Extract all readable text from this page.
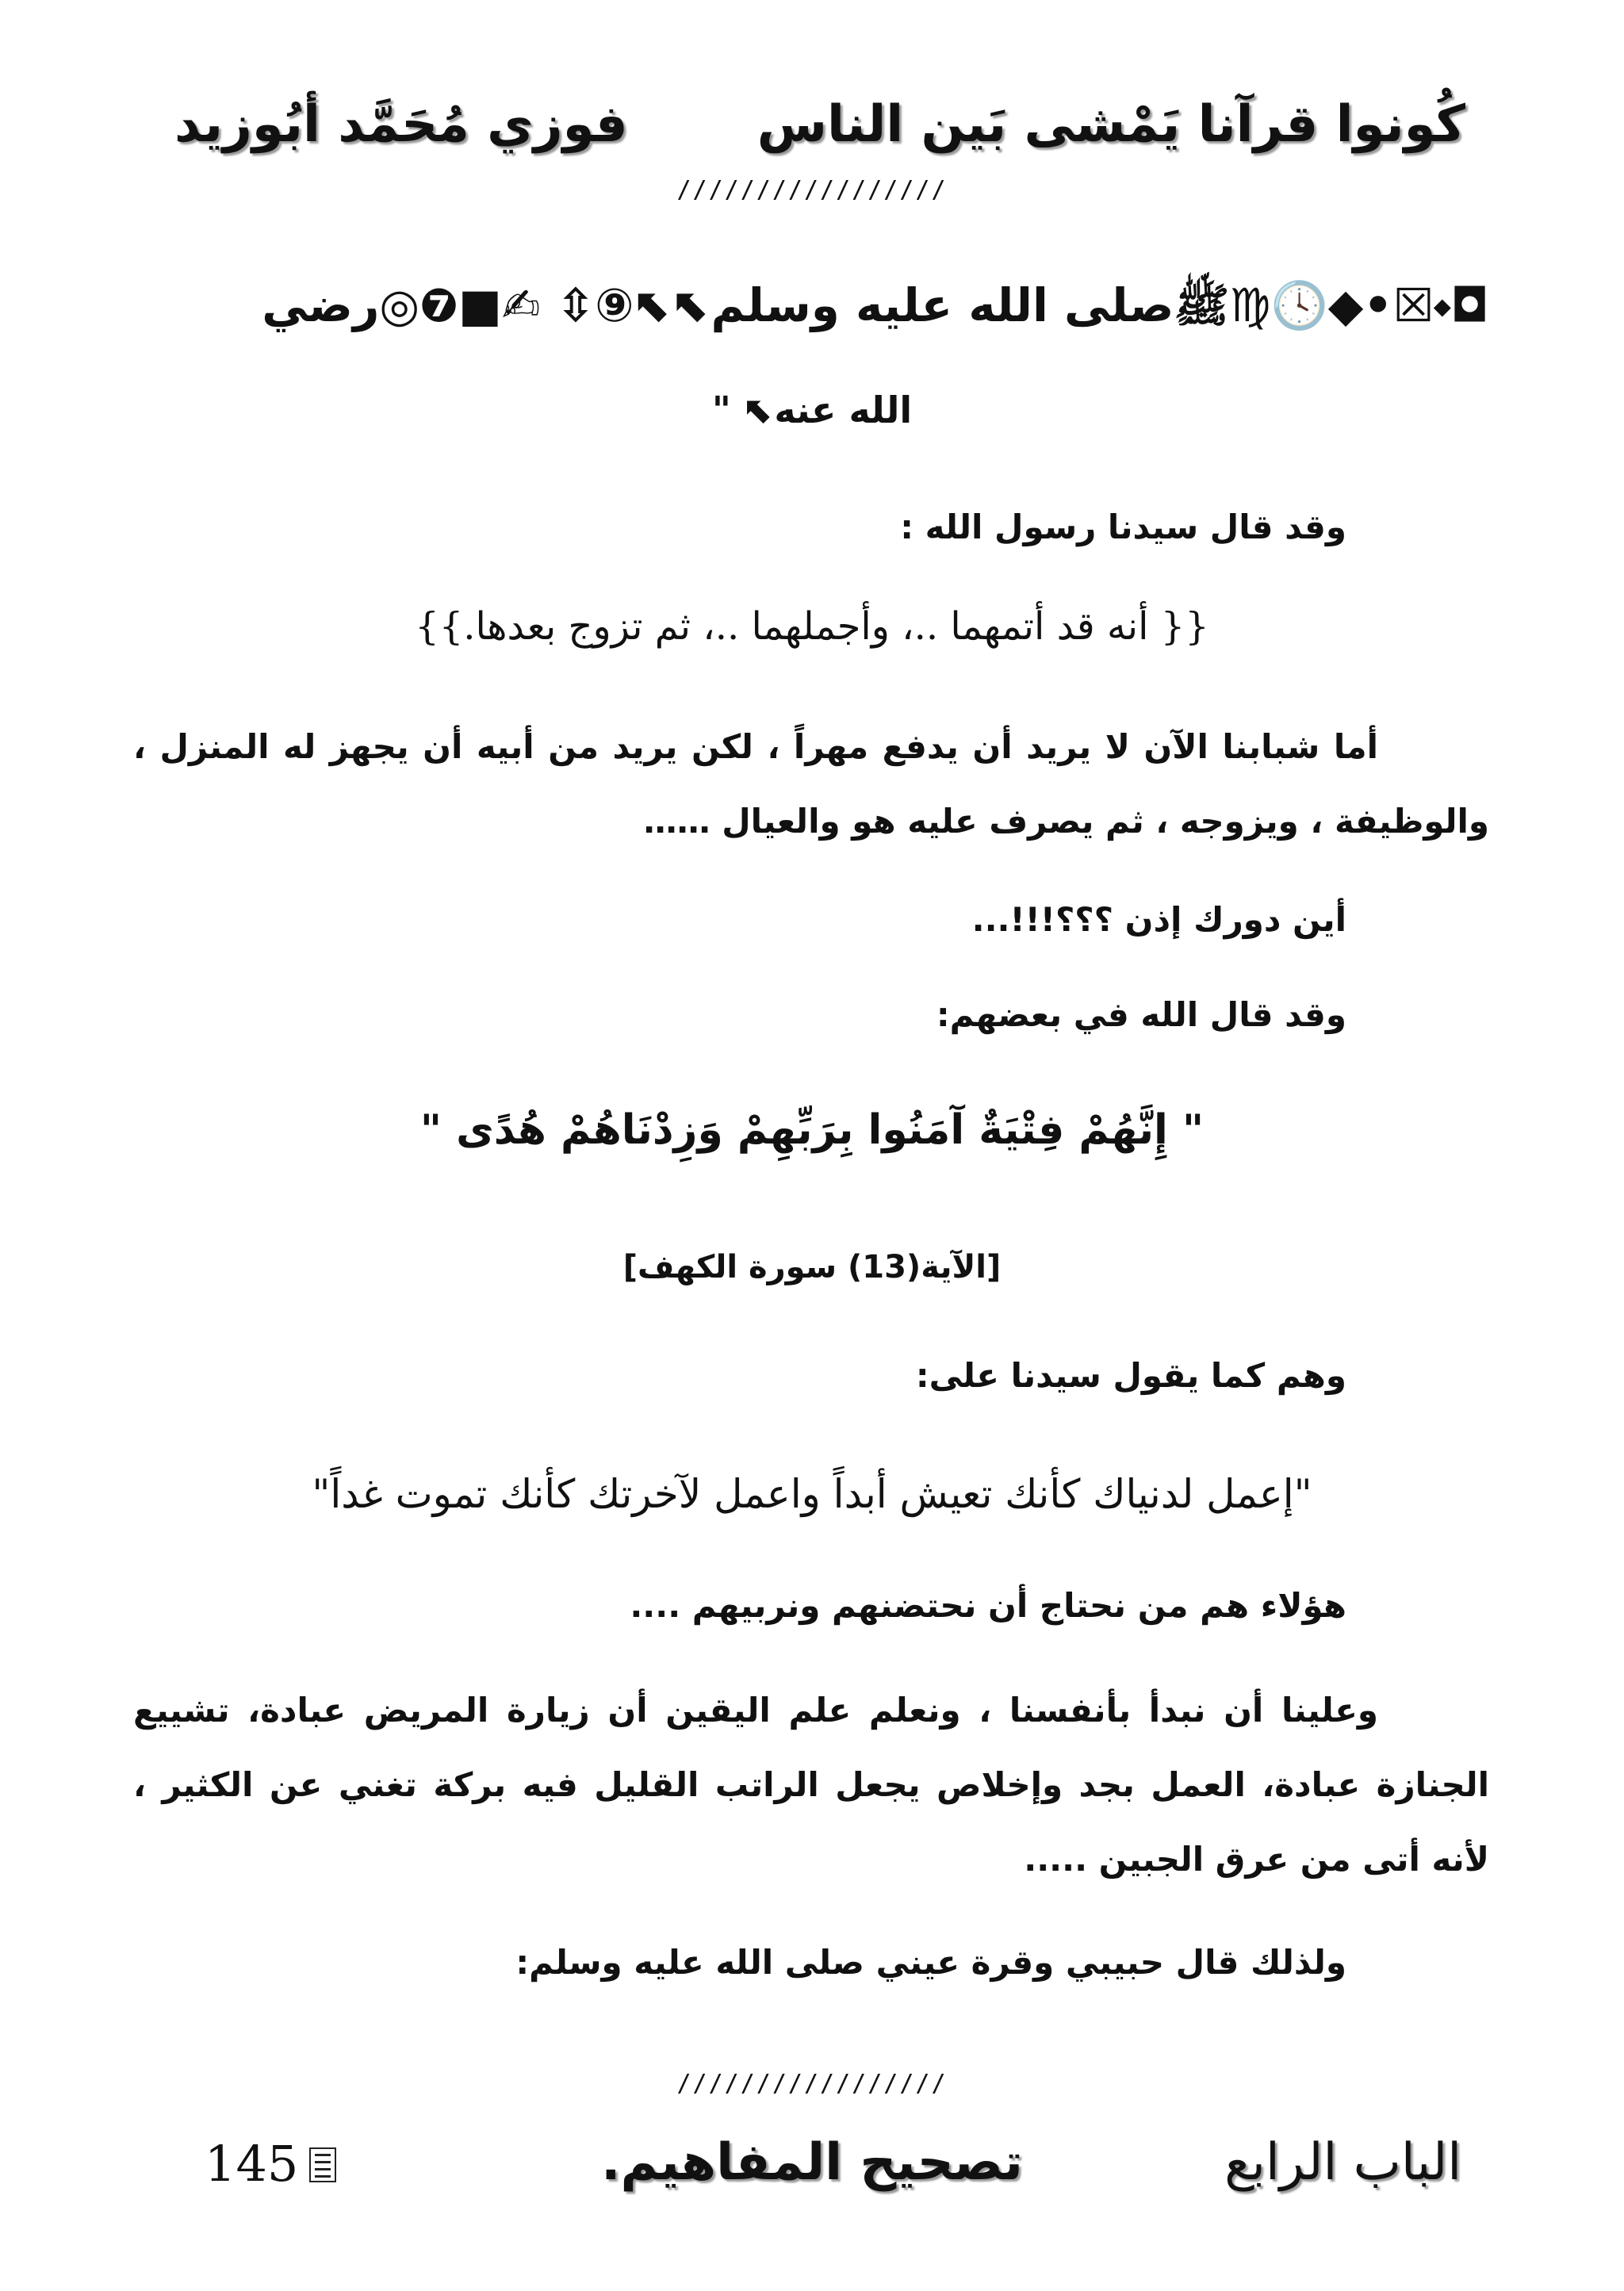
كُونوا قرآنا يَمْشى بَين الناس
فوزي مُحَمَّد أبُوزيد
/////////////////
◘⬩☒•◆🕓♍ﷺصلى الله عليه وسلم⬉⬉⑨⇳ ✍■❼◎رضي
الله عنه⬉ "
وقد قال سيدنا رسول الله :
{{ أنه قد أتمهما ..، وأجملهما ..، ثم تزوج بعدها.}}
أما شبابنا الآن لا يريد أن يدفع مهراً ، لكن يريد من أبيه أن يجهز له المنزل ، والوظيفة ، ويزوجه ، ثم يصرف عليه هو والعيال ……
أين دورك إذن ؟؟؟!!!...
وقد قال الله في بعضهم:
" إِنَّهُمْ فِتْيَةٌ آمَنُوا بِرَبِّهِمْ وَزِدْنَاهُمْ هُدًى "
[الآية(13) سورة الكهف]
وهم كما يقول سيدنا على:
"إعمل لدنياك كأنك تعيش أبداً واعمل لآخرتك كأنك تموت غداً"
هؤلاء هم من نحتاج أن نحتضنهم ونربيهم ....
وعلينا أن نبدأ بأنفسنا ، ونعلم علم اليقين أن زيارة المريض عبادة، تشييع الجنازة عبادة، العمل بجد وإخلاص يجعل الراتب القليل فيه بركة تغني عن الكثير ، لأنه أتى من عرق الجبين .....
ولذلك قال حبيبي وقرة عيني صلى الله عليه وسلم:
/////////////////
الباب الرابع
تصحيح المفاهيم.
145
